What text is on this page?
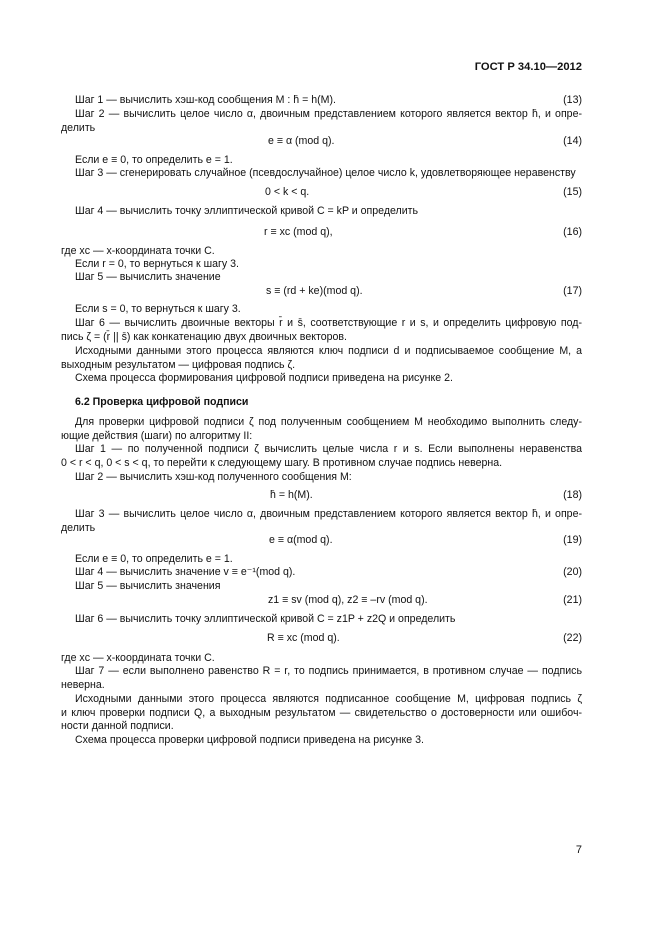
ГОСТ Р 34.10—2012
Шаг 1 — вычислить хэш-код сообщения M : h̄ = h(M).	(13)
Шаг 2 — вычислить целое число α, двоичным представлением которого является вектор h̄, и опре-
делить
e ≡ α (mod q).	(14)
Если e ≡ 0, то определить e = 1.
Шаг 3 — сгенерировать случайное (псевдослучайное) целое число k, удовлетворяющее неравенству
0 < k < q.	(15)
Шаг 4 — вычислить точку эллиптической кривой C = kP и определить
r ≡ xc (mod q),	(16)
где xc — x-координата точки C.
Если r = 0, то вернуться к шагу 3.
Шаг 5 — вычислить значение
s ≡ (rd + ke)(mod q).	(17)
Если s = 0, то вернуться к шагу 3.
Шаг 6 — вычислить двоичные векторы r̄ и s̄, соответствующие r и s, и определить цифровую под-
пись ζ = (r̄ || s̄) как конкатенацию двух двоичных векторов.
Исходными данными этого процесса являются ключ подписи d и подписываемое сообщение M, а
выходным результатом — цифровая подпись ζ.
Схема процесса формирования цифровой подписи приведена на рисунке 2.
6.2 Проверка цифровой подписи
Для проверки цифровой подписи ζ под полученным сообщением M необходимо выполнить следу-
ющие действия (шаги) по алгоритму II:
Шаг 1 — по полученной подписи ζ вычислить целые числа r и s. Если выполнены неравенства
0 < r < q, 0 < s < q, то перейти к следующему шагу. В противном случае подпись неверна.
Шаг 2 — вычислить хэш-код полученного сообщения M:
h̄ = h(M).	(18)
Шаг 3 — вычислить целое число α, двоичным представлением которого является вектор h̄, и опре-
делить
e ≡ α(mod q).	(19)
Если e ≡ 0, то определить e = 1.
Шаг 4 — вычислить значение v ≡ e⁻¹(mod q).	(20)
Шаг 5 — вычислить значения
z1 ≡ sv (mod q), z2 ≡ –rv (mod q).	(21)
Шаг 6 — вычислить точку эллиптической кривой C = z1P + z2Q и определить
R ≡ xc (mod q).	(22)
где xc — x-координата точки C.
Шаг 7 — если выполнено равенство R = r, то подпись принимается, в противном случае — подпись
неверна.
Исходными данными этого процесса являются подписанное сообщение M, цифровая подпись ζ
и ключ проверки подписи Q, а выходным результатом — свидетельство о достоверности или ошибоч-
ности данной подписи.
Схема процесса проверки цифровой подписи приведена на рисунке 3.
7
